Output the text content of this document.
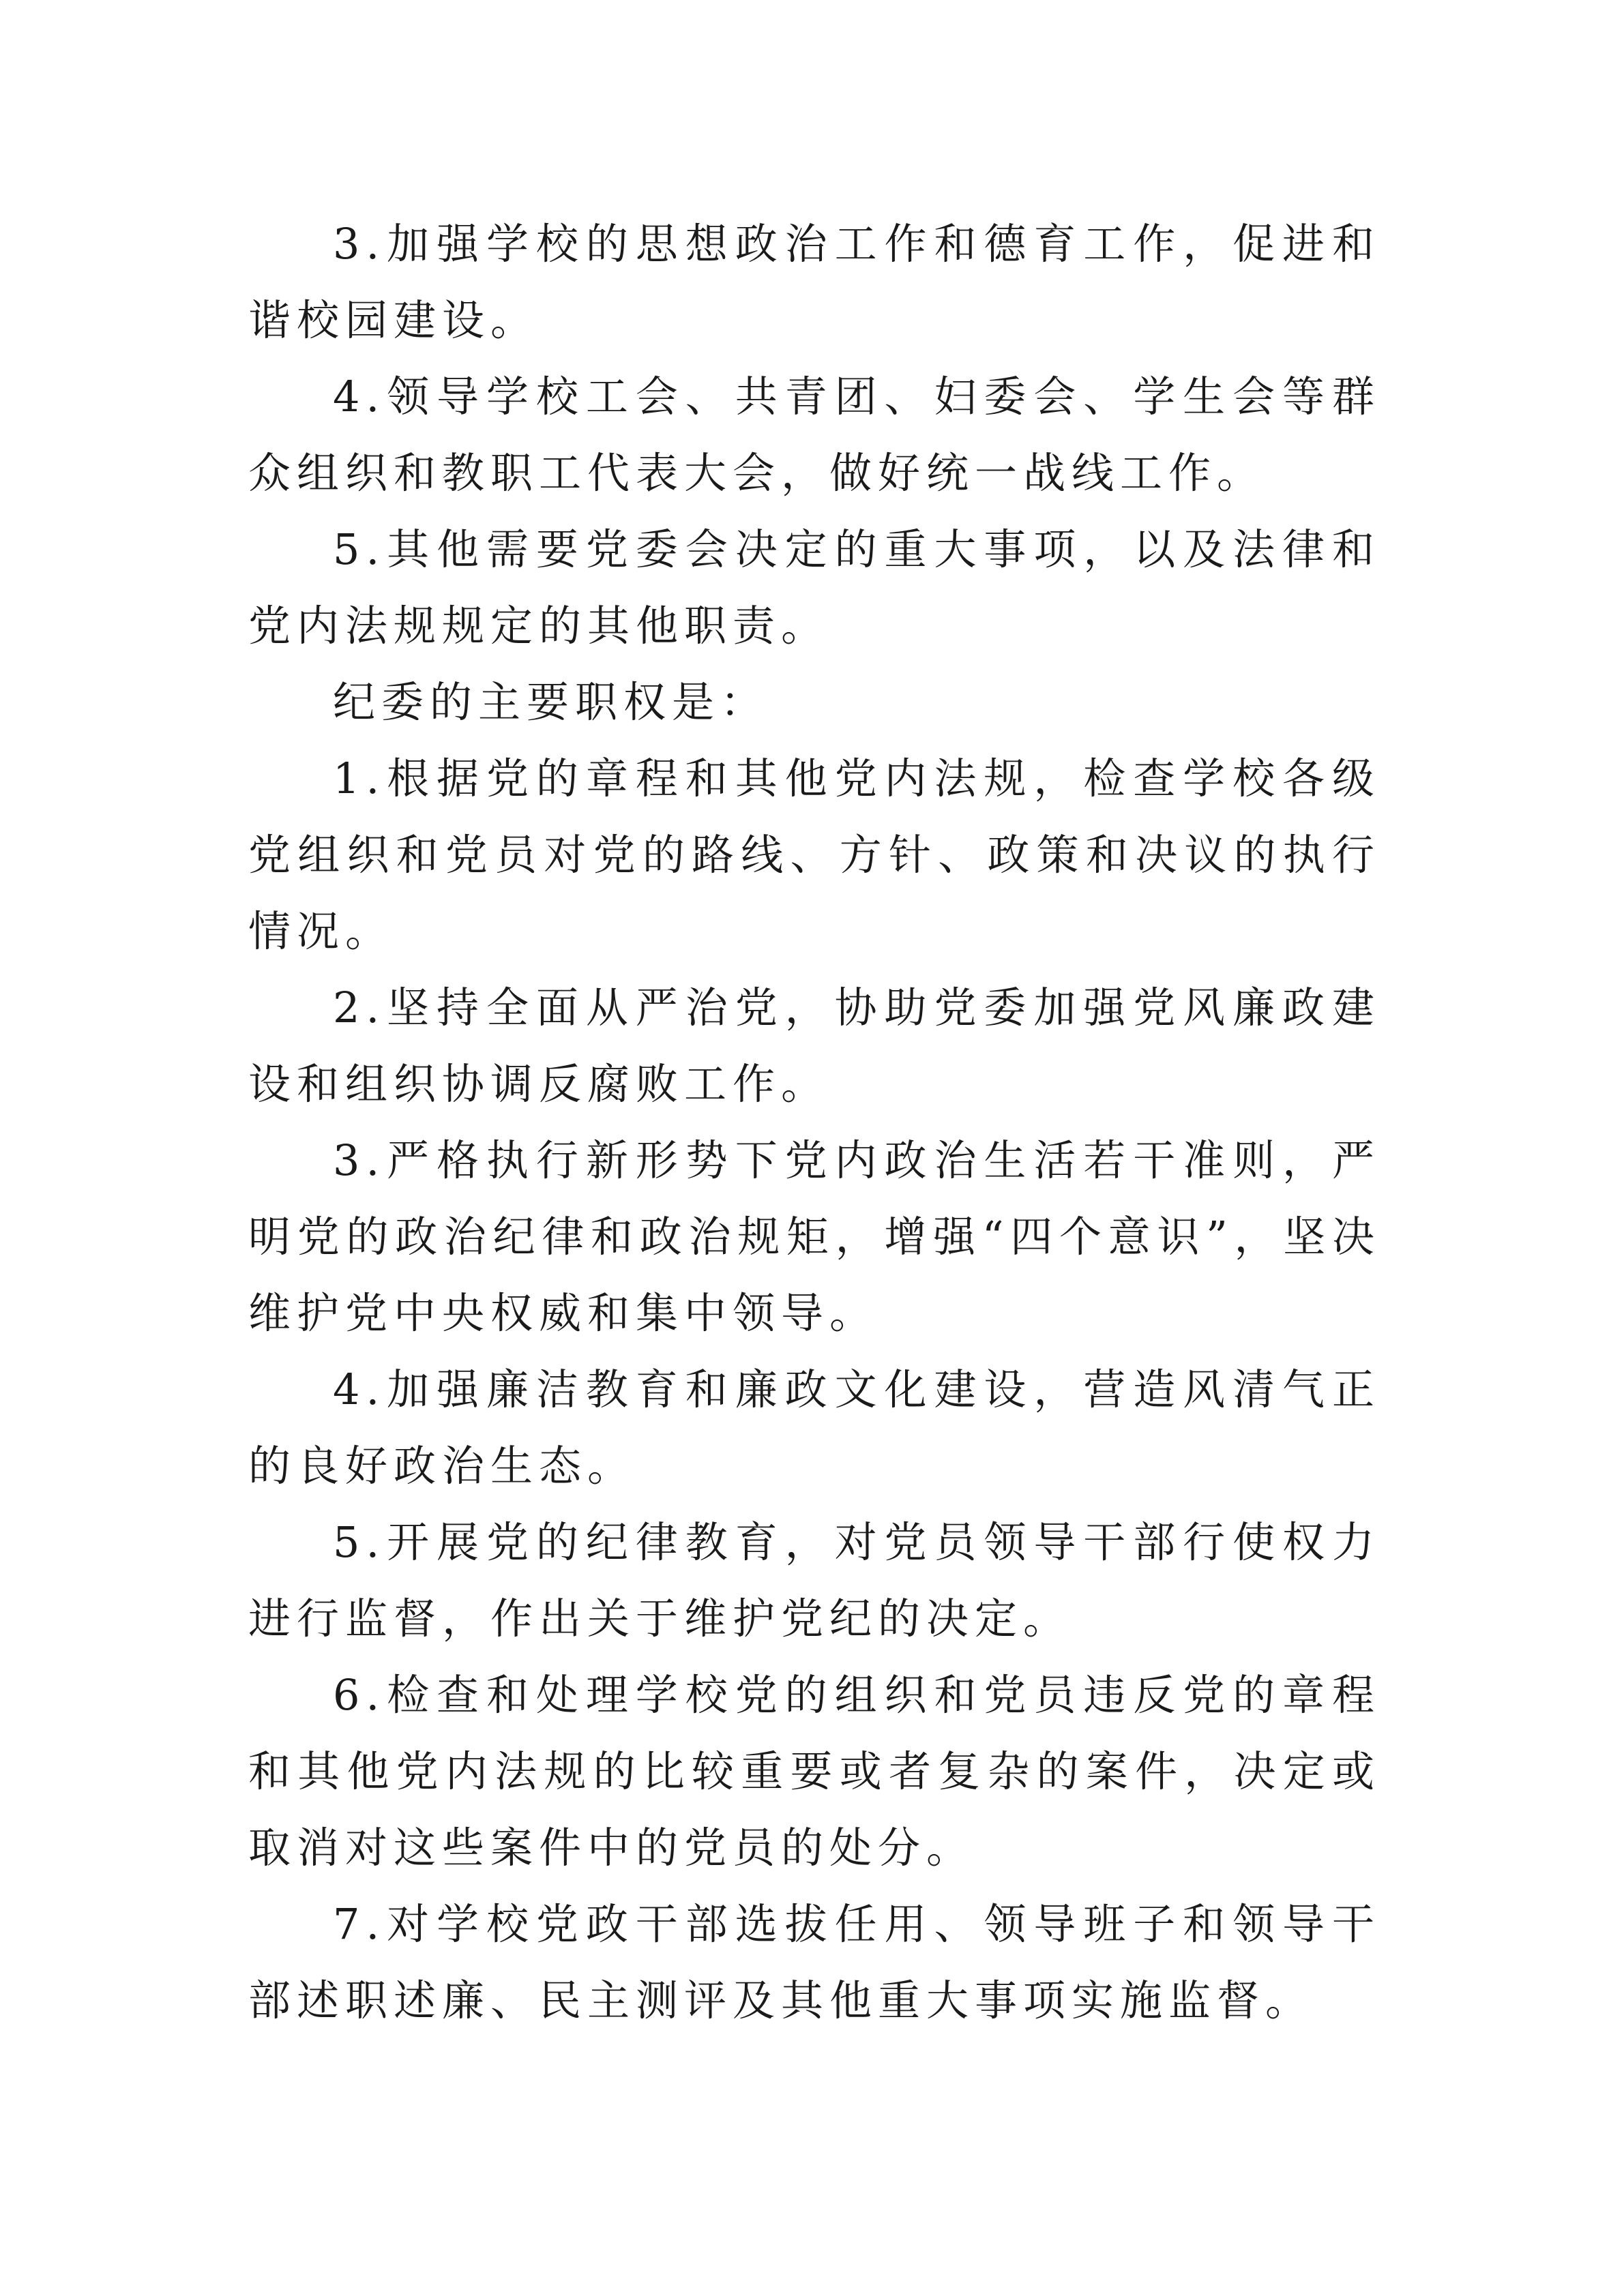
3.加强学校的思想政治工作和德育工作，促进和谐校园建设。

4.领导学校工会、共青团、妇委会、学生会等群众组织和教职工代表大会，做好统一战线工作。

5.其他需要党委会决定的重大事项，以及法律和党内法规规定的其他职责。

纪委的主要职权是：

1.根据党的章程和其他党内法规，检查学校各级党组织和党员对党的路线、方针、政策和决议的执行情况。

2.坚持全面从严治党，协助党委加强党风廉政建设和组织协调反腐败工作。

3.严格执行新形势下党内政治生活若干准则，严明党的政治纪律和政治规矩，增强“四个意识”，坚决维护党中央权威和集中领导。

4.加强廉洁教育和廉政文化建设，营造风清气正的良好政治生态。

5.开展党的纪律教育，对党员领导干部行使权力进行监督，作出关于维护党纪的决定。

6.检查和处理学校党的组织和党员违反党的章程和其他党内法规的比较重要或者复杂的案件，决定或取消对这些案件中的党员的处分。

7.对学校党政干部选拔任用、领导班子和领导干部述职述廉、民主测评及其他重大事项实施监督。
